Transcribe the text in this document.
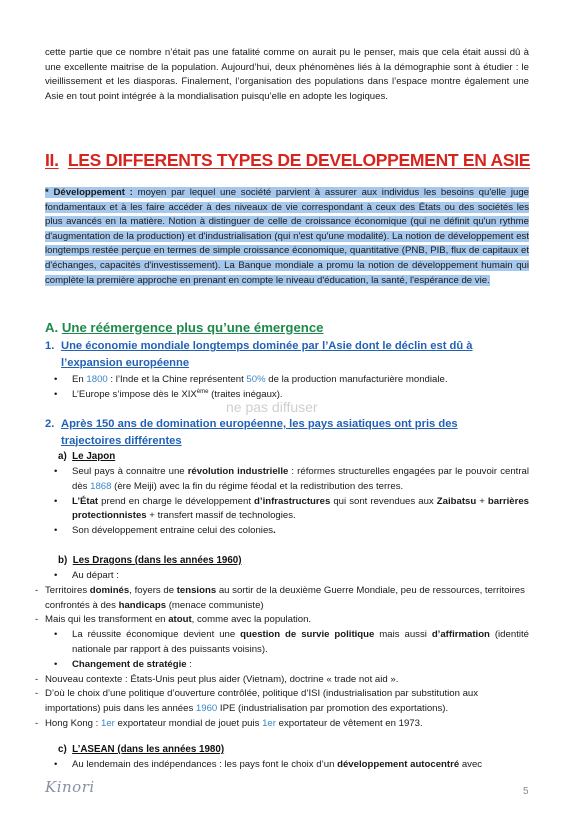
cette partie que ce nombre n’était pas une fatalité comme on aurait pu le penser, mais que cela était aussi dû à une excellente maitrise de la population. Aujourd’hui, deux phénomènes liés à la démographie sont à étudier : le vieillissement et les diasporas. Finalement, l’organisation des populations dans l’espace montre également une Asie en tout point intégrée à la mondialisation puisqu’elle en adopte les logiques.

II. LES DIFFERENTS TYPES DE DEVELOPPEMENT EN ASIE

* Développement : moyen par lequel une société parvient à assurer aux individus les besoins qu'elle juge fondamentaux et à les faire accéder à des niveaux de vie correspondant à ceux des États ou des sociétés les plus avancés en la matière. Notion à distinguer de celle de croissance économique (qui ne définit qu'un rythme d'augmentation de la production) et d'industrialisation (qui n'est qu'une modalité). La notion de développement est longtemps restée perçue en termes de simple croissance économique, quantitative (PNB, PIB, flux de capitaux et d'échanges, capacités d'investissement). La Banque mondiale a promu la notion de développement humain qui complète la première approche en prenant en compte le niveau d'éducation, la santé, l'espérance de vie.

A. Une réémergence plus qu’une émergence
1. Une économie mondiale longtemps dominée par l’Asie dont le déclin est dû à
l’expansion européenne
• En 1800 : l’Inde et la Chine représentent 50% de la production manufacturière mondiale.
• L’Europe s’impose dès le XIXème (traites inégaux).
ne pas diffuser
2. Après 150 ans de domination européenne, les pays asiatiques ont pris des
trajectoires différentes
a) Le Japon
• Seul pays à connaitre une révolution industrielle : réformes structurelles engagées par le pouvoir central dès 1868 (ère Meiji) avec la fin du régime féodal et la redistribution des terres.
• L’État prend en charge le développement d’infrastructures qui sont revendues aux Zaibatsu + barrières protectionnistes + transfert massif de technologies.
• Son développement entraine celui des colonies.
b) Les Dragons (dans les années 1960)
• Au départ :
- Territoires dominés, foyers de tensions au sortir de la deuxième Guerre Mondiale, peu de ressources, territoires confrontés à des handicaps (menace communiste)
- Mais qui les transforment en atout, comme avec la population.
• La réussite économique devient une question de survie politique mais aussi d’affirmation (identité nationale par rapport à des puissants voisins).
• Changement de stratégie :
- Nouveau contexte : États-Unis peut plus aider (Vietnam), doctrine « trade not aid ».
- D’où le choix d’une politique d’ouverture contrôlée, politique d’ISI (industrialisation par substitution aux importations) puis dans les années 1960 IPE (industrialisation par promotion des exportations).
- Hong Kong : 1er exportateur mondial de jouet puis 1er exportateur de vêtement en 1973.
c) L’ASEAN (dans les années 1980)
• Au lendemain des indépendances : les pays font le choix d’un développement autocentré avec
Kinori	5
